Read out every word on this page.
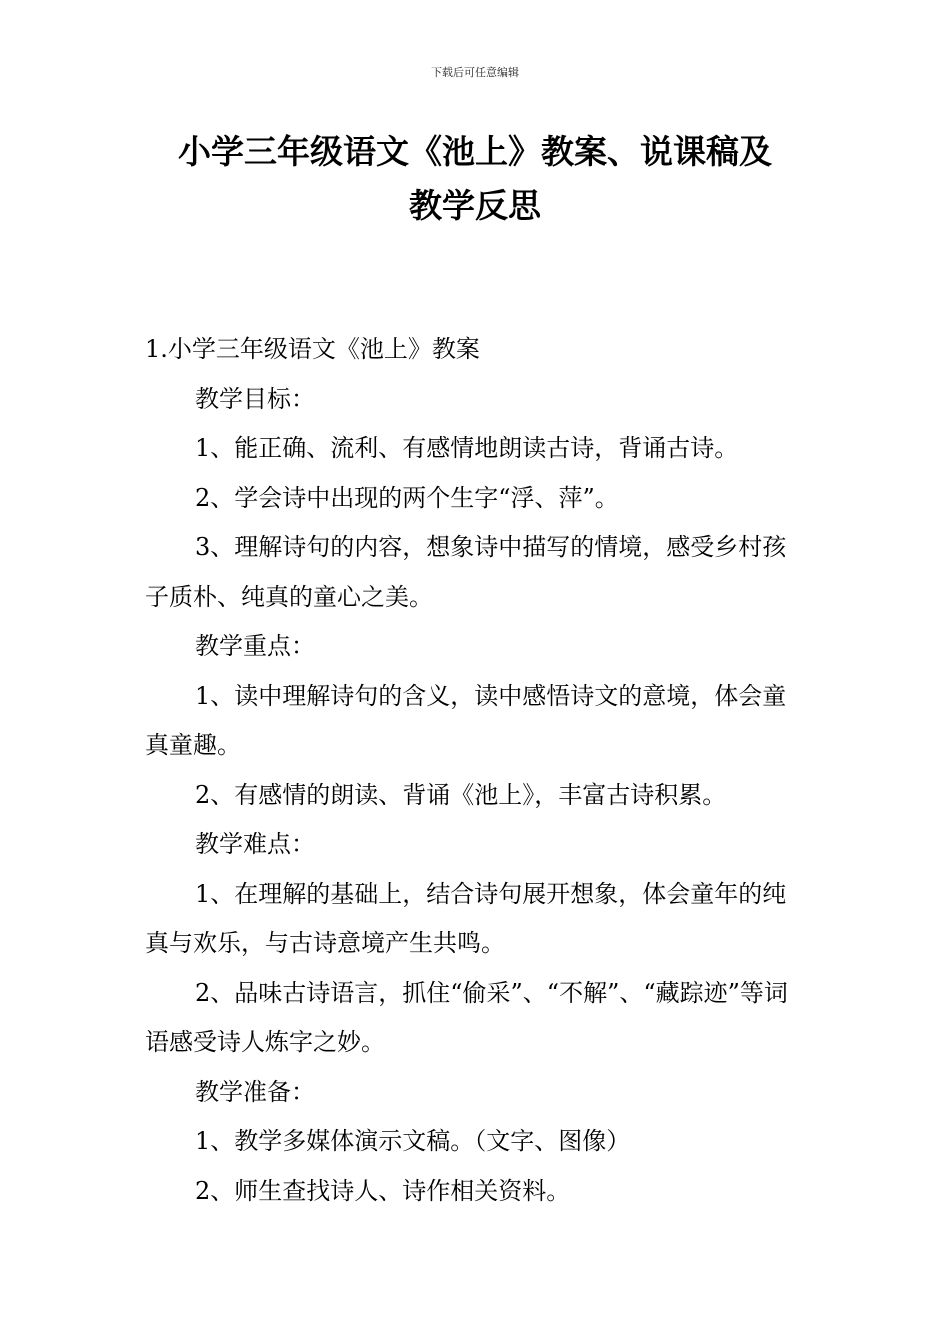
下载后可任意编辑
小学三年级语文《池上》教案、说课稿及
教学反思

1.小学三年级语文《池上》教案

教学目标：

1、能正确、流利、有感情地朗读古诗，背诵古诗。

2、学会诗中出现的两个生字“浮、萍”。

3、理解诗句的内容，想象诗中描写的情境，感受乡村孩子质朴、纯真的童心之美。

教学重点：

1、读中理解诗句的含义，读中感悟诗文的意境，体会童真童趣。

2、有感情的朗读、背诵《池上》，丰富古诗积累。

教学难点：

1、在理解的基础上，结合诗句展开想象，体会童年的纯真与欢乐，与古诗意境产生共鸣。

2、品味古诗语言，抓住“偷采”、“不解”、“藏踪迹”等词语感受诗人炼字之妙。

教学准备：

1、教学多媒体演示文稿。（文字、图像）

2、师生查找诗人、诗作相关资料。
